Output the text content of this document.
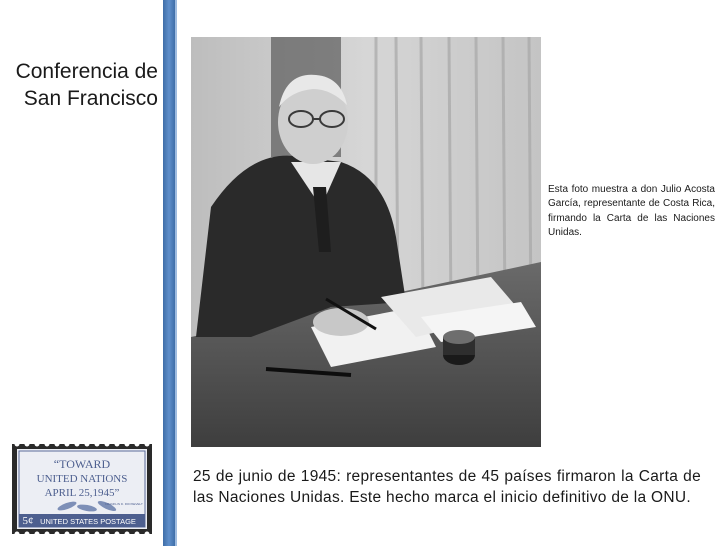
Conferencia de
San Francisco
Esta foto muestra a don Julio Acosta García, representante de Costa Rica, firmando la Carta de las Naciones Unidas.
“TOWARD
UNITED NATIONS
APRIL 25,1945”
FRANKLIN D. ROOSEVELT
5¢ UNITED STATES POSTAGE
25 de junio de 1945: representantes de 45 países firmaron la Carta de las Naciones Unidas. Este hecho marca el inicio definitivo de la ONU.
